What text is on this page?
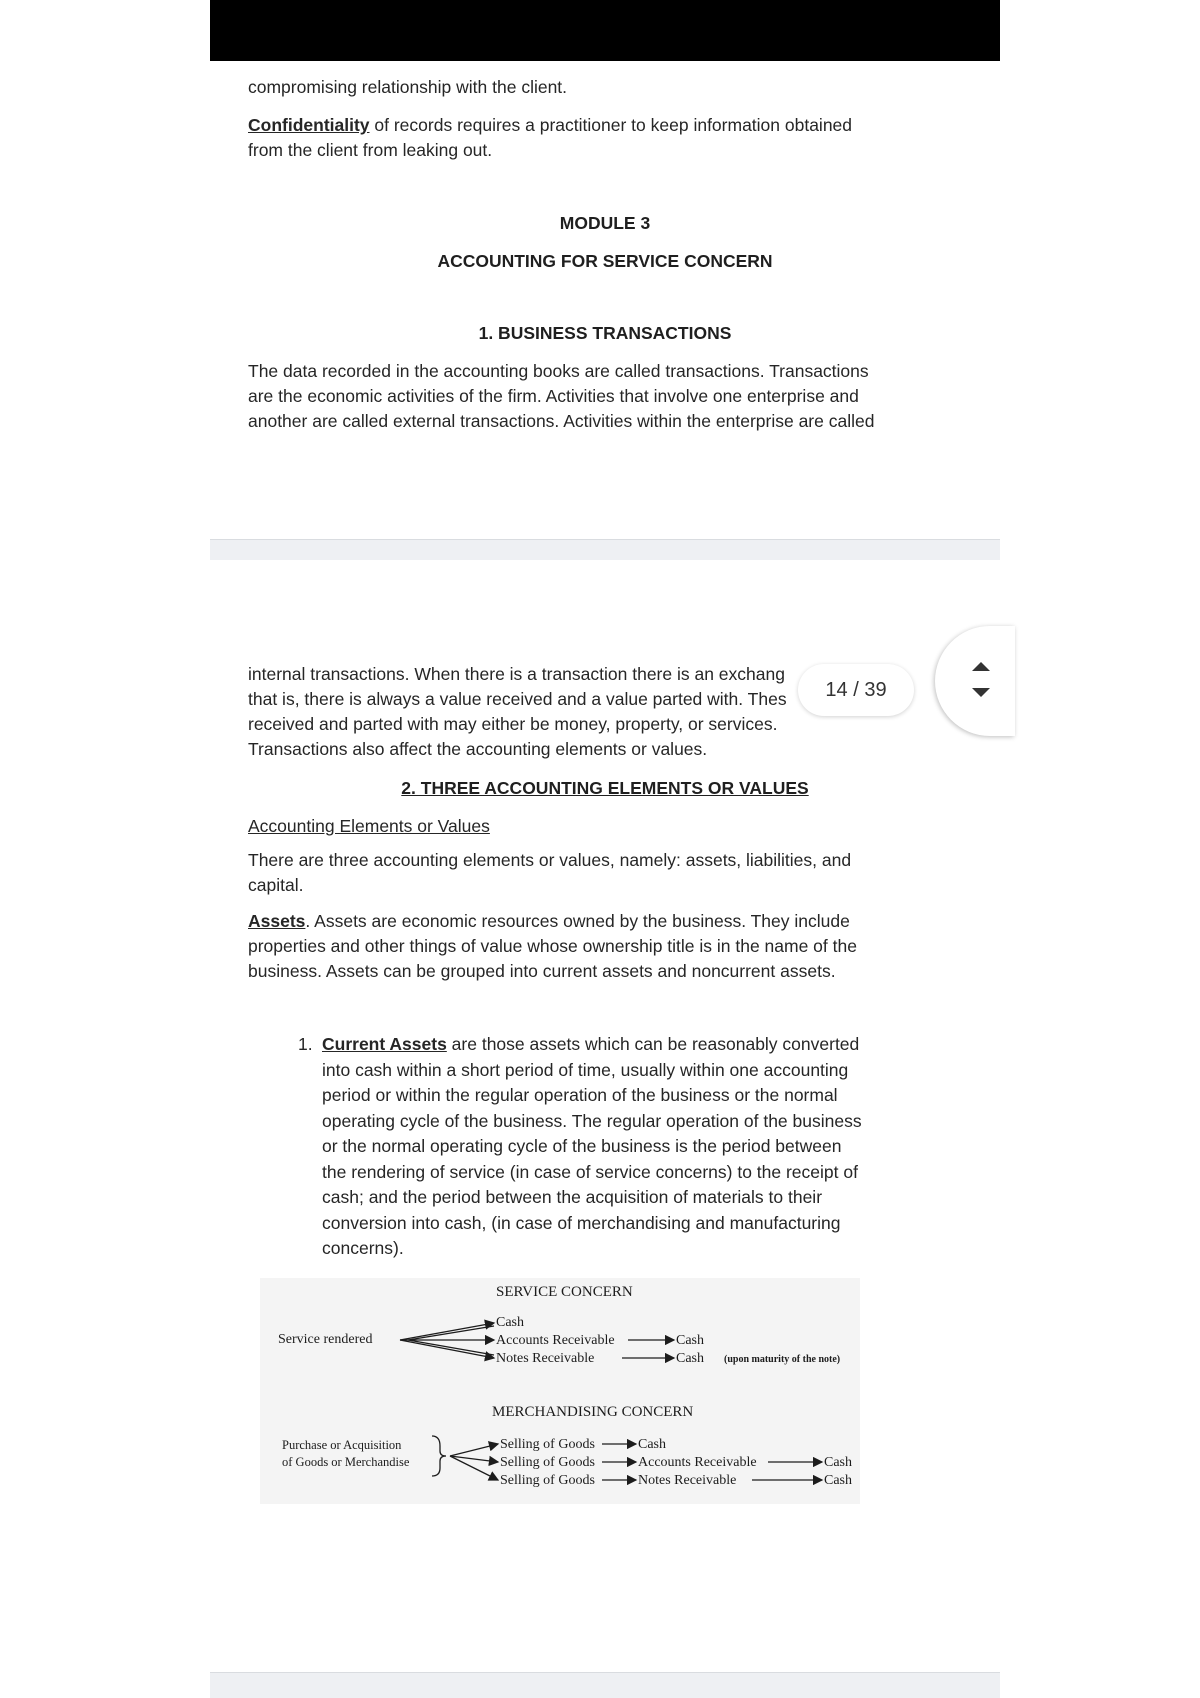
compromising relationship with the client.

Confidentiality of records requires a practitioner to keep information obtained
from the client from leaking out.

MODULE 3
ACCOUNTING FOR SERVICE CONCERN
1. BUSINESS TRANSACTIONS

The data recorded in the accounting books are called transactions. Transactions

are the economic activities of the firm. Activities that involve one enterprise and

another are called external transactions. Activities within the enterprise are called

internal transactions. When there is a transaction there is an exchang

that is, there is always a value received and a value parted with. Thes

received and parted with may either be money, property, or services.

Transactions also affect the accounting elements or values.

2. THREE ACCOUNTING ELEMENTS OR VALUES

Accounting Elements or Values

There are three accounting elements or values, namely: assets, liabilities, and

capital.

Assets. Assets are economic resources owned by the business. They include

properties and other things of value whose ownership title is in the name of the

business. Assets can be grouped into current assets and noncurrent assets.

1. Current Assets are those assets which can be reasonably converted

into cash within a short period of time, usually within one accounting

period or within the regular operation of the business or the normal

operating cycle of the business. The regular operation of the business

or the normal operating cycle of the business is the period between

the rendering of service (in case of service concerns) to the receipt of

cash; and the period between the acquisition of materials to their

conversion into cash, (in case of merchandising and manufacturing

concerns).

SERVICE CONCERN
Service rendered
Cash
Accounts Receivable
Notes Receivable
Cash
Cash (upon maturity of the note)
MERCHANDISING CONCERN
Purchase or Acquisition
of Goods or Merchandise
Selling of Goods
Selling of Goods
Selling of Goods
Cash
Accounts Receivable
Notes Receivable
Cash
Cash
14 / 39
